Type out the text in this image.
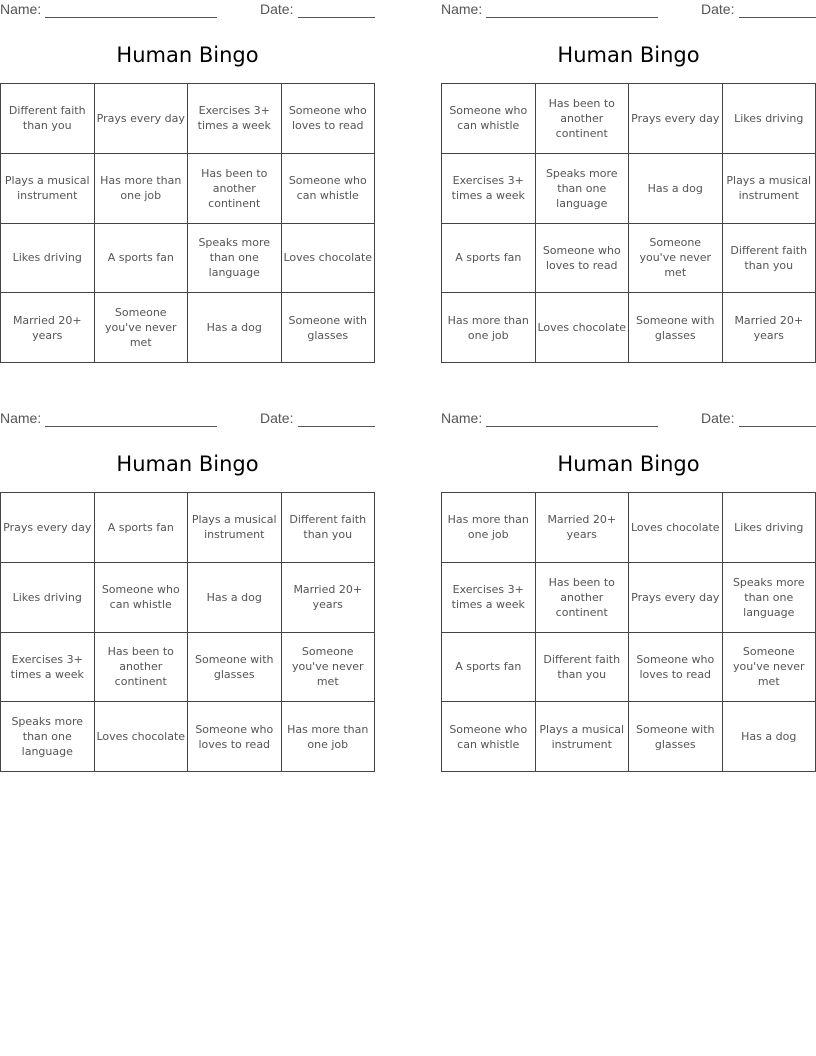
Name:	Date:
Human Bingo
Different faith than you	Prays every day	Exercises 3+ times a week	Someone who loves to read
Plays a musical instrument	Has more than one job	Has been to another continent	Someone who can whistle
Likes driving	A sports fan	Speaks more than one language	Loves chocolate
Married 20+ years	Someone you've never met	Has a dog	Someone with glasses
Name:	Date:
Human Bingo
Someone who can whistle	Has been to another continent	Prays every day	Likes driving
Exercises 3+ times a week	Speaks more than one language	Has a dog	Plays a musical instrument
A sports fan	Someone who loves to read	Someone you've never met	Different faith than you
Has more than one job	Loves chocolate	Someone with glasses	Married 20+ years
Name:	Date:
Human Bingo
Prays every day	A sports fan	Plays a musical instrument	Different faith than you
Likes driving	Someone who can whistle	Has a dog	Married 20+ years
Exercises 3+ times a week	Has been to another continent	Someone with glasses	Someone you've never met
Speaks more than one language	Loves chocolate	Someone who loves to read	Has more than one job
Name:	Date:
Human Bingo
Has more than one job	Married 20+ years	Loves chocolate	Likes driving
Exercises 3+ times a week	Has been to another continent	Prays every day	Speaks more than one language
A sports fan	Different faith than you	Someone who loves to read	Someone you've never met
Someone who can whistle	Plays a musical instrument	Someone with glasses	Has a dog
